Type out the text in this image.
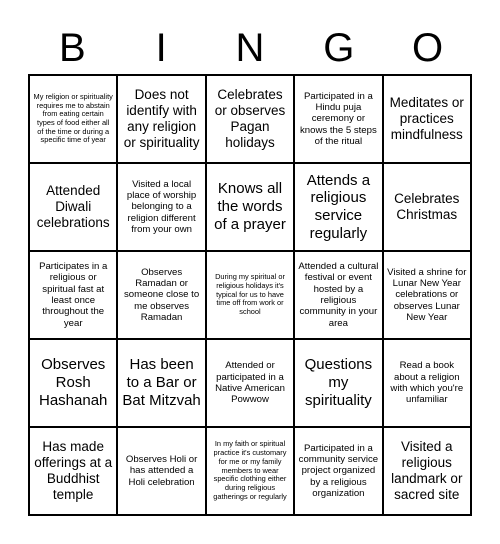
B	I	N	G	O
My religion or spirituality requires me to abstain from eating certain types of food either all of the time or during a specific time of year
Does not identify with any religion or spirituality
Celebrates or observes Pagan holidays
Participated in a Hindu puja ceremony or knows the 5 steps of the ritual
Meditates or practices mindfulness
Attended Diwali celebrations
Visited a local place of worship belonging to a religion different from your own
Knows all the words of a prayer
Attends a religious service regularly
Celebrates Christmas
Participates in a religious or spiritual fast at least once throughout the year
Observes Ramadan or someone close to me observes Ramadan
During my spiritual or religious holidays it's typical for us to have time off from work or school
Attended a cultural festival or event hosted by a religious community in your area
Visited a shrine for Lunar New Year celebrations or observes Lunar New Year
Observes Rosh Hashanah
Has been to a Bar or Bat Mitzvah
Attended or participated in a Native American Powwow
Questions my spirituality
Read a book about a religion with which you're unfamiliar
Has made offerings at a Buddhist temple
Observes Holi or has attended a Holi celebration
In my faith or spiritual practice it's customary for me or my family members to wear specific clothing either during religious gatherings or regularly
Participated in a community service project organized by a religious organization
Visited a religious landmark or sacred site
